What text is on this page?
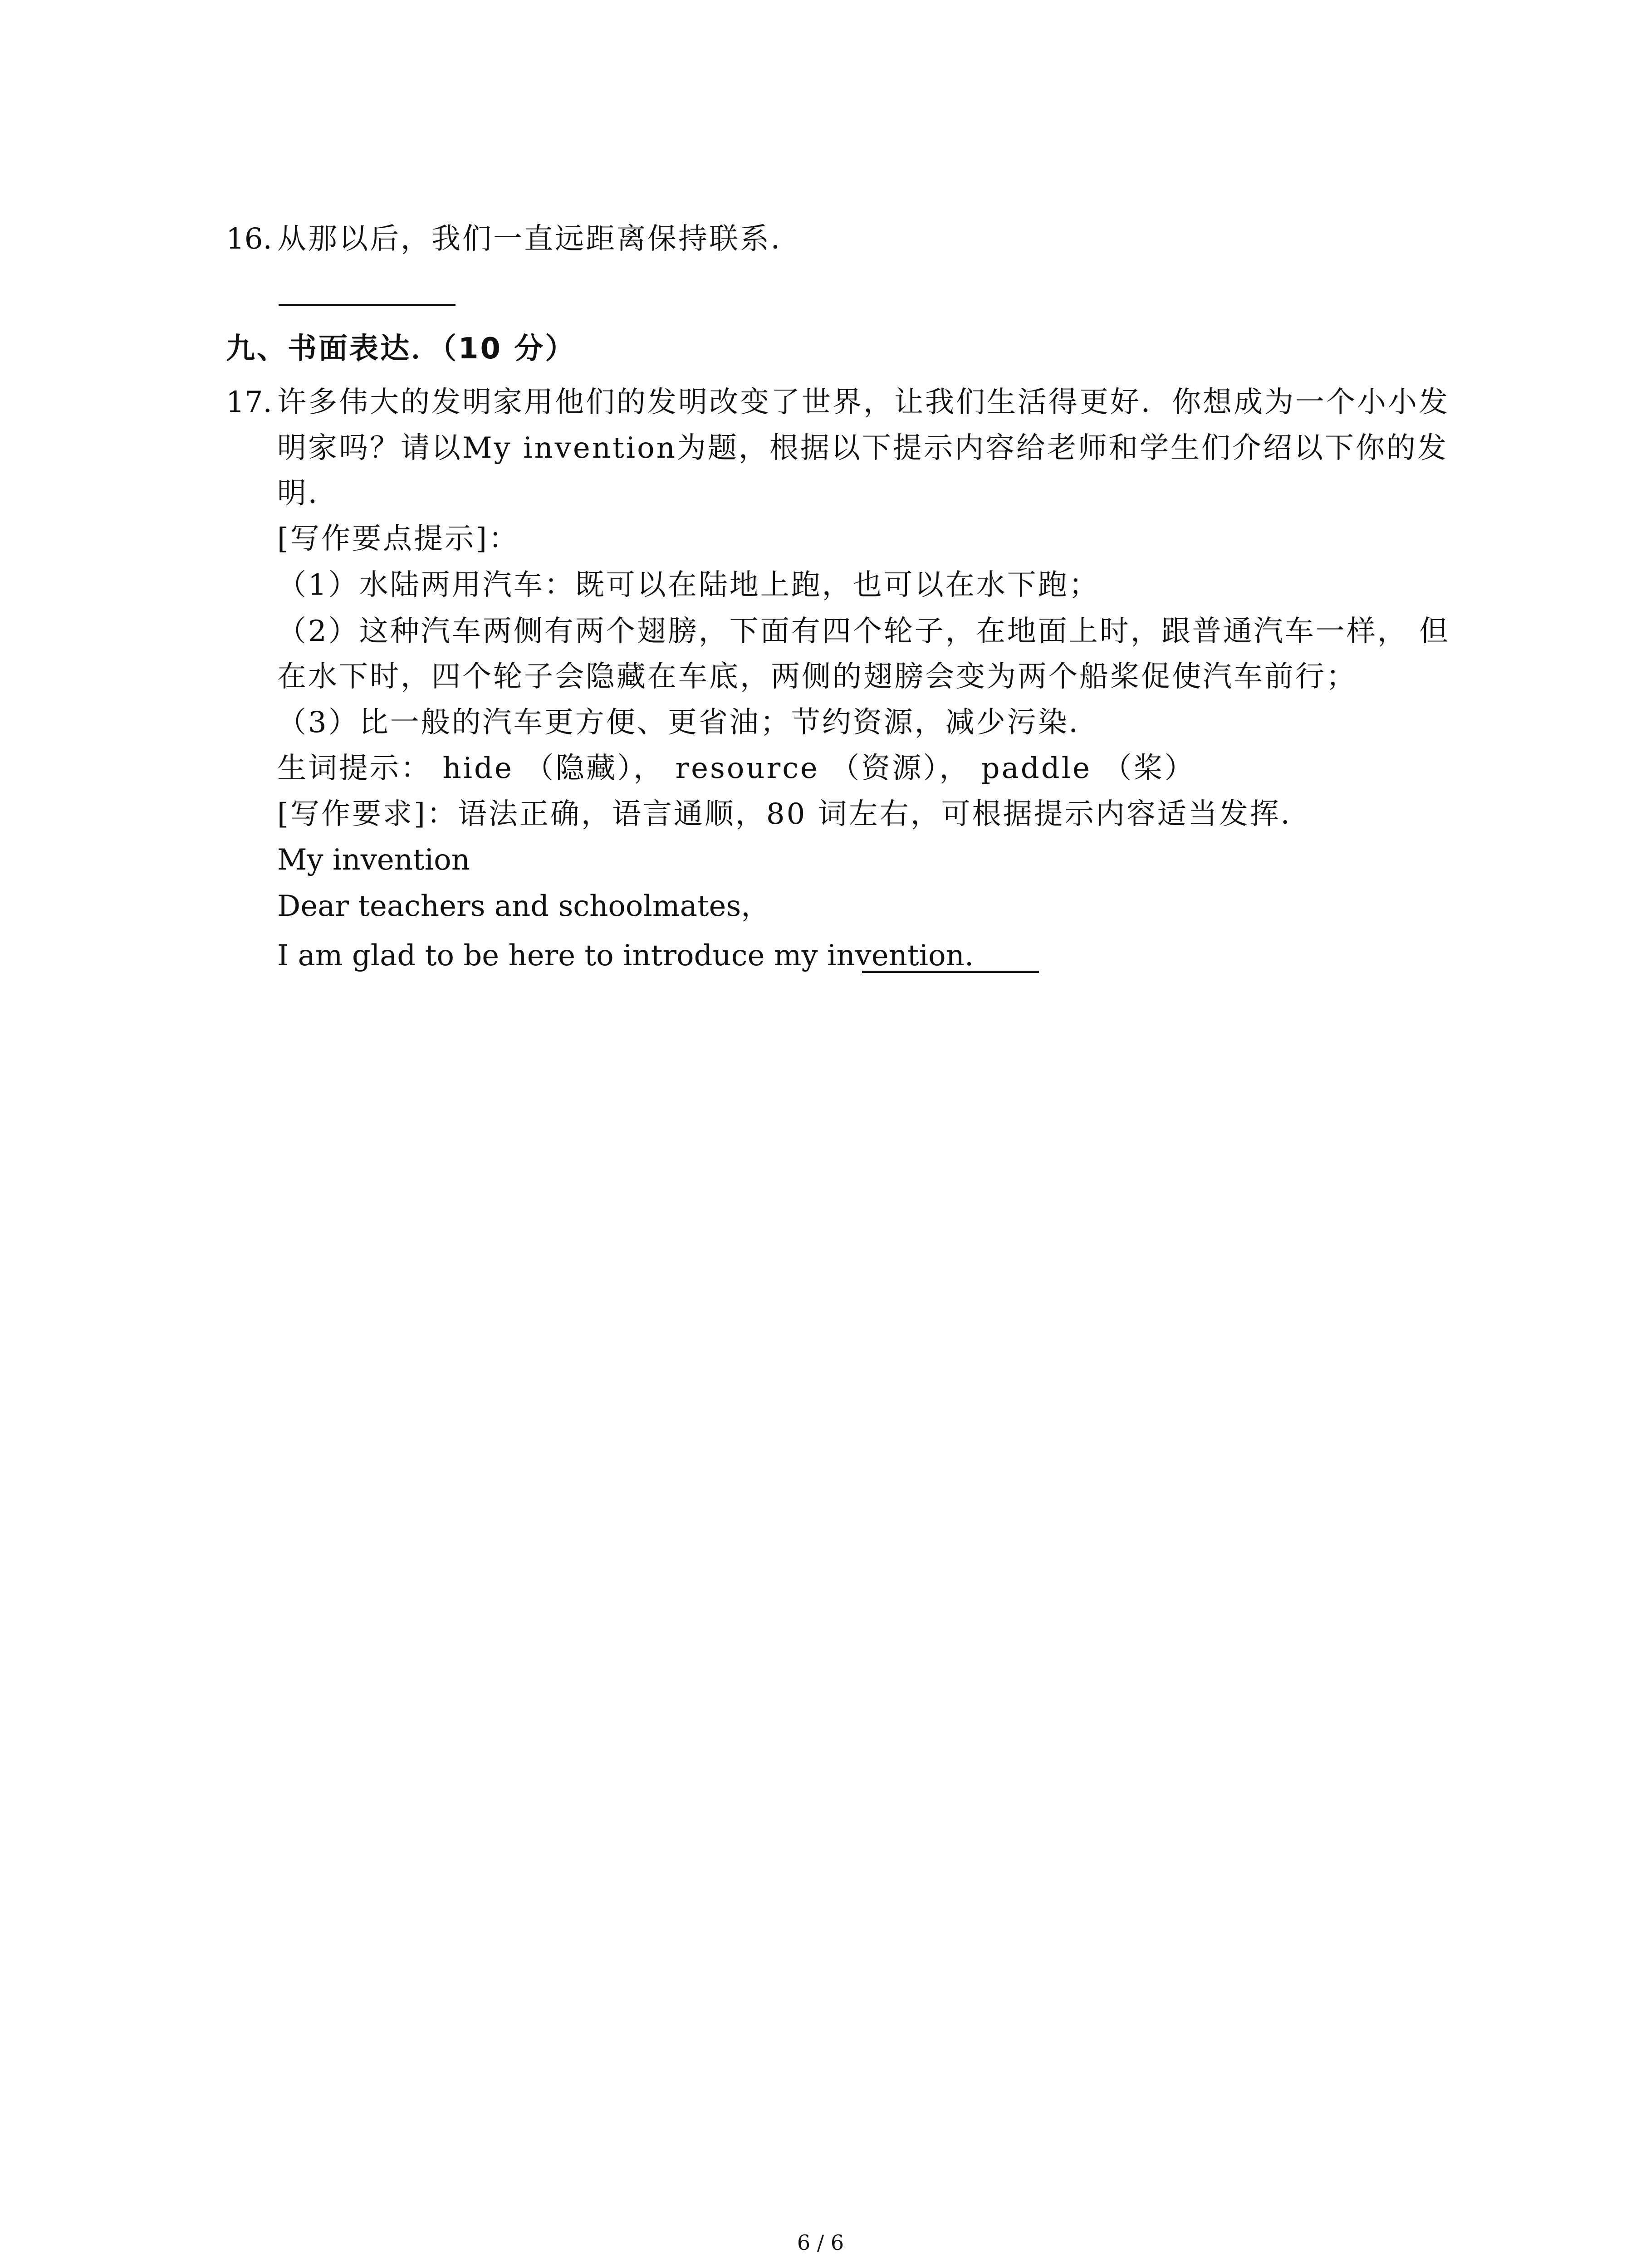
16. 从那以后，我们一直远距离保持联系．
九、书面表达．（10 分）
17. 许多伟大的发明家用他们的发明改变了世界，让我们生活得更好．你想成为一个小小发
明家吗？请以My invention为题，根据以下提示内容给老师和学生们介绍以下你的发
明．
[写作要点提示]：
（1）水陆两用汽车：既可以在陆地上跑，也可以在水下跑；
（2）这种汽车两侧有两个翅膀，下面有四个轮子，在地面上时，跟普通汽车一样， 但
在水下时，四个轮子会隐藏在车底，两侧的翅膀会变为两个船桨促使汽车前行；
（3）比一般的汽车更方便、更省油；节约资源，减少污染．
生词提示： hide （隐藏）， resource （资源）， paddle （桨）
[写作要求]：语法正确，语言通顺，80 词左右，可根据提示内容适当发挥．
My invention
Dear teachers and schoolmates，
I am glad to be here to introduce my invention.
6 / 6
